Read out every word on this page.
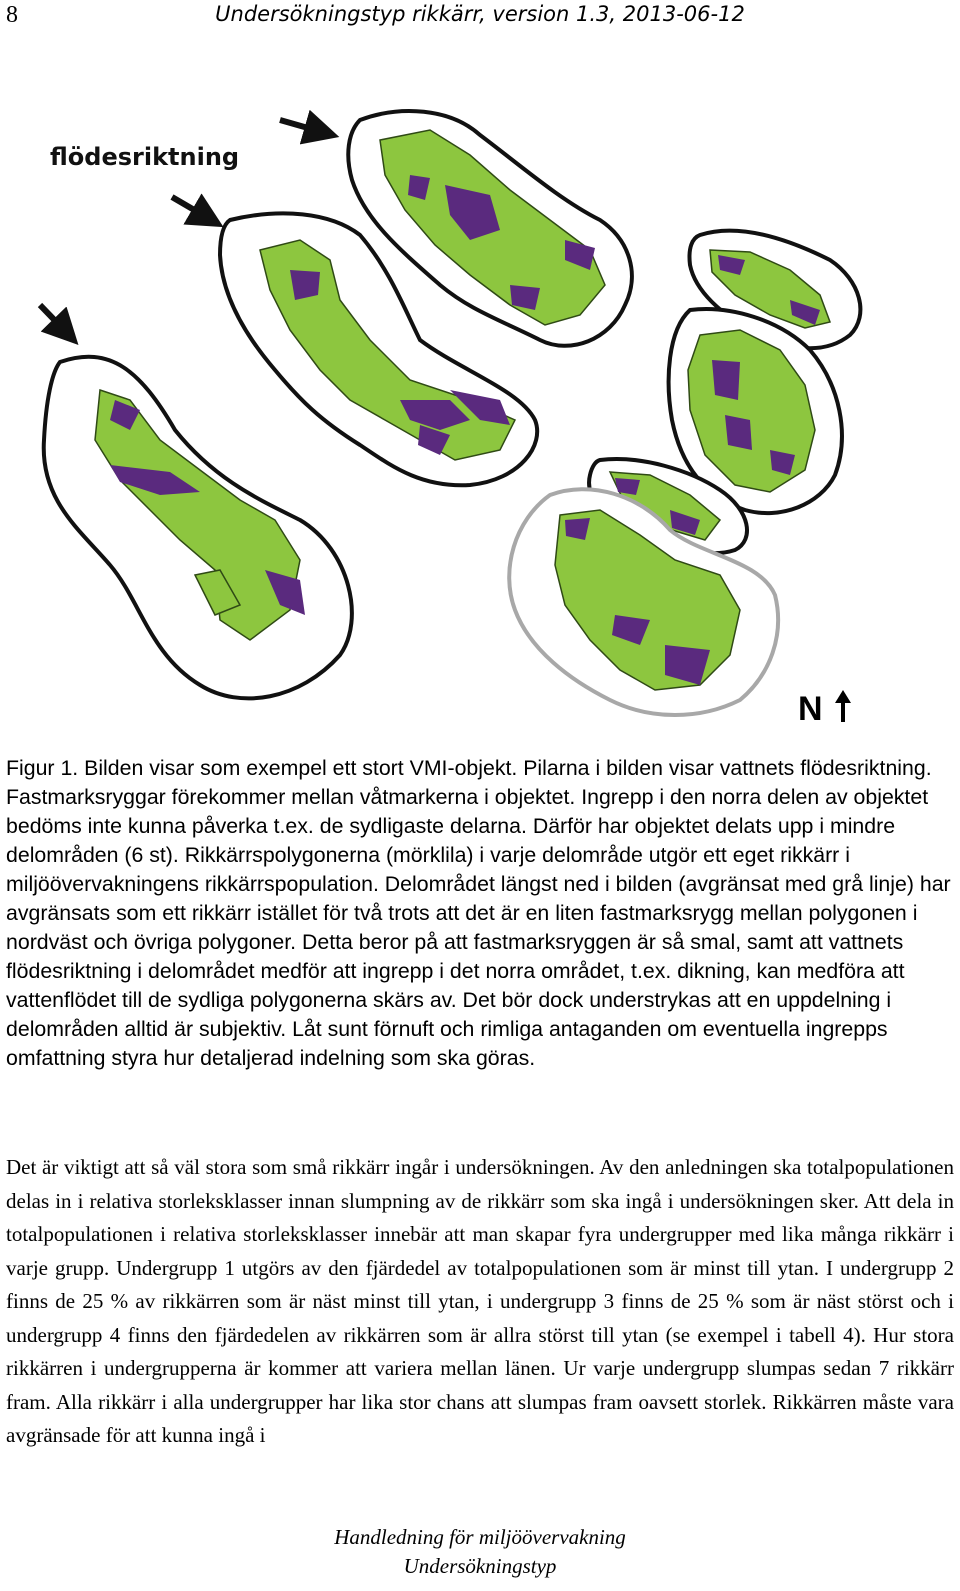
8	Undersökningstyp rikkärr, version 1.3, 2013-06-12
flödesriktning
N

Figur 1. Bilden visar som exempel ett stort VMI-objekt. Pilarna i bilden visar vattnets flödesriktning. Fastmarksryggar förekommer mellan våtmarkerna i objektet. Ingrepp i den norra delen av objektet bedöms inte kunna påverka t.ex. de sydligaste delarna. Därför har objektet delats upp i mindre delområden (6 st). Rikkärrspolygonerna (mörklila) i varje delområde utgör ett eget rikkärr i miljöövervakningens rikkärrspopulation. Delområdet längst ned i bilden (avgränsat med grå linje) har avgränsats som ett rikkärr istället för två trots att det är en liten fastmarksrygg mellan polygonen i nordväst och övriga polygoner. Detta beror på att fastmarksryggen är så smal, samt att vattnets flödesriktning i delområdet medför att ingrepp i det norra området, t.ex. dikning, kan medföra att vattenflödet till de sydliga polygonerna skärs av. Det bör dock understrykas att en uppdelning i delområden alltid är subjektiv. Låt sunt förnuft och rimliga antaganden om eventuella ingrepps omfattning styra hur detaljerad indelning som ska göras.

Det är viktigt att så väl stora som små rikkärr ingår i undersökningen. Av den anledningen ska totalpopulationen delas in i relativa storleksklasser innan slumpning av de rikkärr som ska ingå i undersökningen sker. Att dela in totalpopulationen i relativa storleksklasser innebär att man skapar fyra undergrupper med lika många rikkärr i varje grupp. Undergrupp 1 utgörs av den fjärdedel av totalpopulationen som är minst till ytan. I undergrupp 2 finns de 25 % av rikkärren som är näst minst till ytan, i undergrupp 3 finns de 25 % som är näst störst och i undergrupp 4 finns den fjärdedelen av rikkärren som är allra störst till ytan (se exempel i tabell 4). Hur stora rikkärren i undergrupperna är kommer att variera mellan länen. Ur varje undergrupp slumpas sedan 7 rikkärr fram. Alla rikkärr i alla undergrupper har lika stor chans att slumpas fram oavsett storlek. Rikkärren måste vara avgränsade för att kunna ingå i

Handledning för miljöövervakning
Undersökningstyp
